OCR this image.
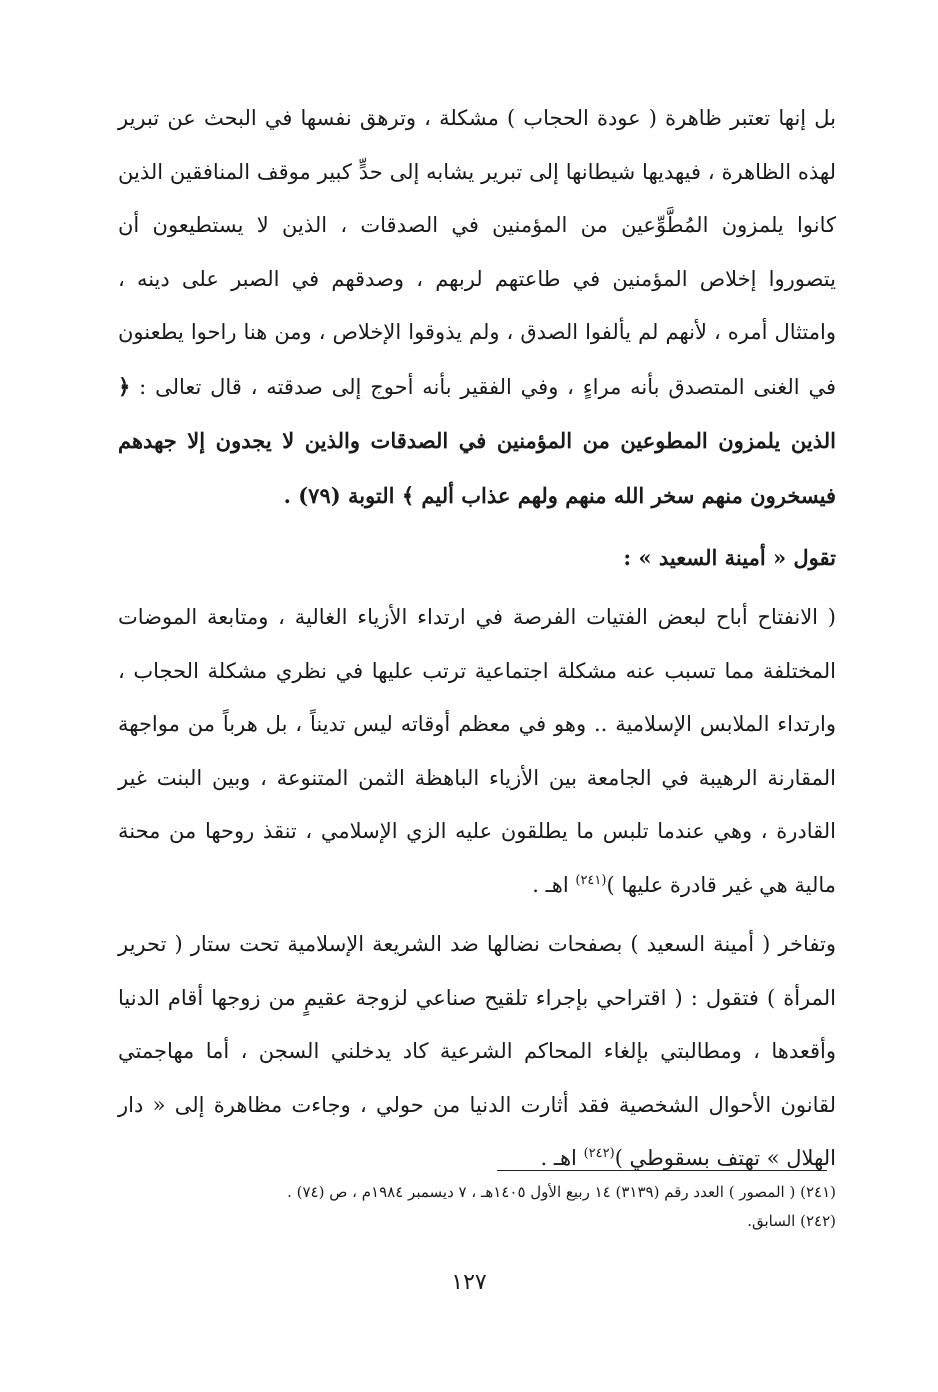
بل إنها تعتبر ظاهرة ( عودة الحجاب ) مشكلة ، وترهق نفسها في البحث عن تبرير لهذه الظاهرة ، فيهديها شيطانها إلى تبرير يشابه إلى حدٍّ كبير موقف المنافقين الذين كانوا يلمزون المُطَّوِّعين من المؤمنين في الصدقات ، الذين لا يستطيعون أن يتصوروا إخلاص المؤمنين في طاعتهم لربهم ، وصدقهم في الصبر على دينه ، وامتثال أمره ، لأنهم لم يألفوا الصدق ، ولم يذوقوا الإخلاص ، ومن هنا راحوا يطعنون في الغنى المتصدق بأنه مراءٍ ، وفي الفقير بأنه أحوج إلى صدقته ، قال تعالى : ﴿ الذين يلمزون المطوعين من المؤمنين في الصدقات والذين لا يجدون إلا جهدهم فيسخرون منهم سخر الله منهم ولهم عذاب أليم ﴾ التوبة (٧٩) .

تقول « أمينة السعيد » :

( الانفتاح أباح لبعض الفتيات الفرصة في ارتداء الأزياء الغالية ، ومتابعة الموضات المختلفة مما تسبب عنه مشكلة اجتماعية ترتب عليها في نظري مشكلة الحجاب ، وارتداء الملابس الإسلامية .. وهو في معظم أوقاته ليس تديناً ، بل هرباً من مواجهة المقارنة الرهيبة في الجامعة بين الأزياء الباهظة الثمن المتنوعة ، وبين البنت غير القادرة ، وهي عندما تلبس ما يطلقون عليه الزي الإسلامي ، تنقذ روحها من محنة مالية هي غير قادرة عليها )$^{(٢٤١)}$ اهـ .

وتفاخر ( أمينة السعيد ) بصفحات نضالها ضد الشريعة الإسلامية تحت ستار ( تحرير المرأة ) فتقول : ( اقتراحي بإجراء تلقيح صناعي لزوجة عقيمٍ من زوجها أقام الدنيا وأقعدها ، ومطالبتي بإلغاء المحاكم الشرعية كاد يدخلني السجن ، أما مهاجمتي لقانون الأحوال الشخصية فقد أثارت الدنيا من حولي ، وجاءت مظاهرة إلى « دار الهلال » تهتف بسقوطي )$^{(٢٤٢)}$ اهـ .

(٢٤١) ( المصور ) العدد رقم (٣١٣٩) ١٤ ربيع الأول ١٤٠٥هـ ، ٧ ديسمبر ١٩٨٤م ، ص (٧٤) .
(٢٤٢) السابق.
١٢٧
